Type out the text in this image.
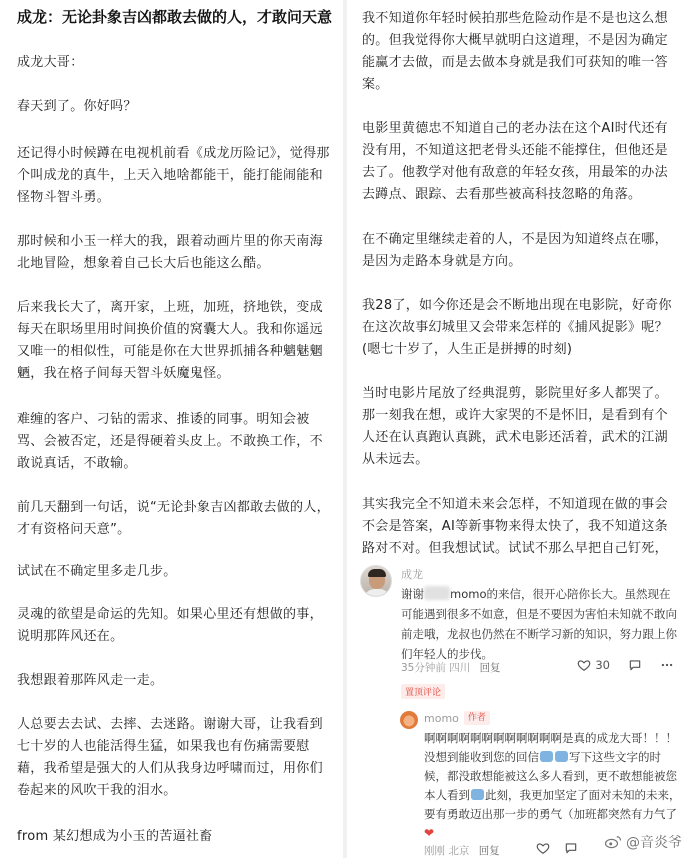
成龙：无论卦象吉凶都敢去做的人，才敢问天意
成龙大哥：
春天到了。你好吗？
还记得小时候蹲在电视机前看《成龙历险记》，觉得那个叫成龙的真牛，上天入地啥都能干，能打能闹能和怪物斗智斗勇。
那时候和小玉一样大的我，跟着动画片里的你天南海北地冒险，想象着自己长大后也能这么酷。
后来我长大了，离开家，上班，加班，挤地铁，变成每天在职场里用时间换价值的窝囊大人。我和你遥远又唯一的相似性，可能是你在大世界抓捕各种魑魅魍魉，我在格子间每天智斗妖魔鬼怪。
难缠的客户、刁钻的需求、推诿的同事。明知会被骂、会被否定，还是得硬着头皮上。不敢换工作，不敢说真话，不敢输。
前几天翻到一句话，说“无论卦象吉凶都敢去做的人，才有资格问天意”。
试试在不确定里多走几步。
灵魂的欲望是命运的先知。如果心里还有想做的事，说明那阵风还在。
我想跟着那阵风走一走。
人总要去去试、去摔、去迷路。谢谢大哥，让我看到七十岁的人也能活得生猛，如果我也有伤痛需要慰藉，我希望是强大的人们从我身边呼啸而过，用你们卷起来的风吹干我的泪水。
from 某幻想成为小玉的苦逼社畜
我不知道你年轻时候拍那些危险动作是不是也这么想的。但我觉得你大概早就明白这道理，不是因为确定能赢才去做，而是去做本身就是我们可获知的唯一答案。
电影里黄德忠不知道自己的老办法在这个AI时代还有没有用，不知道这把老骨头还能不能撑住，但他还是去了。他教学对他有敌意的年轻女孩，用最笨的办法去蹲点、跟踪、去看那些被高科技忽略的角落。
在不确定里继续走着的人，不是因为知道终点在哪，是因为走路本身就是方向。
我28了，如今你还是会不断地出现在电影院，好奇你在这次故事幻城里又会带来怎样的《捕风捉影》呢？(嗯七十岁了，人生正是拼搏的时刻)
当时电影片尾放了经典混剪，影院里好多人都哭了。那一刻我在想，或许大家哭的不是怀旧，是看到有个人还在认真跑认真跳，武术电影还活着，武术的江湖从未远去。
其实我完全不知道未来会怎样，不知道现在做的事会不会是答案，AI等新事物来得太快了，我不知道这条路对不对。但我想试试。试试不那么早把自己钉死，
成龙
谢谢 momo的来信，很开心陪你长大。虽然现在可能遇到很多不如意，但是不要因为害怕未知就不敢向前走哦，龙叔也仍然在不断学习新的知识，努力跟上你们年轻人的步伐。
35分钟前 四川 回复	30
置顶评论
momo	作者
啊啊啊啊啊啊啊啊啊啊啊啊是真的成龙大哥！！！ 没想到能收到您的回信	写下这些文字的时候，都没敢想能被这么多人看到，更不敢想能被您本人看到 此刻，我更加坚定了面对未知的未来，要有勇敢迈出那一步的勇气（加班都突然有力气了❤
刚刚 北京 回复	@音炎爷
